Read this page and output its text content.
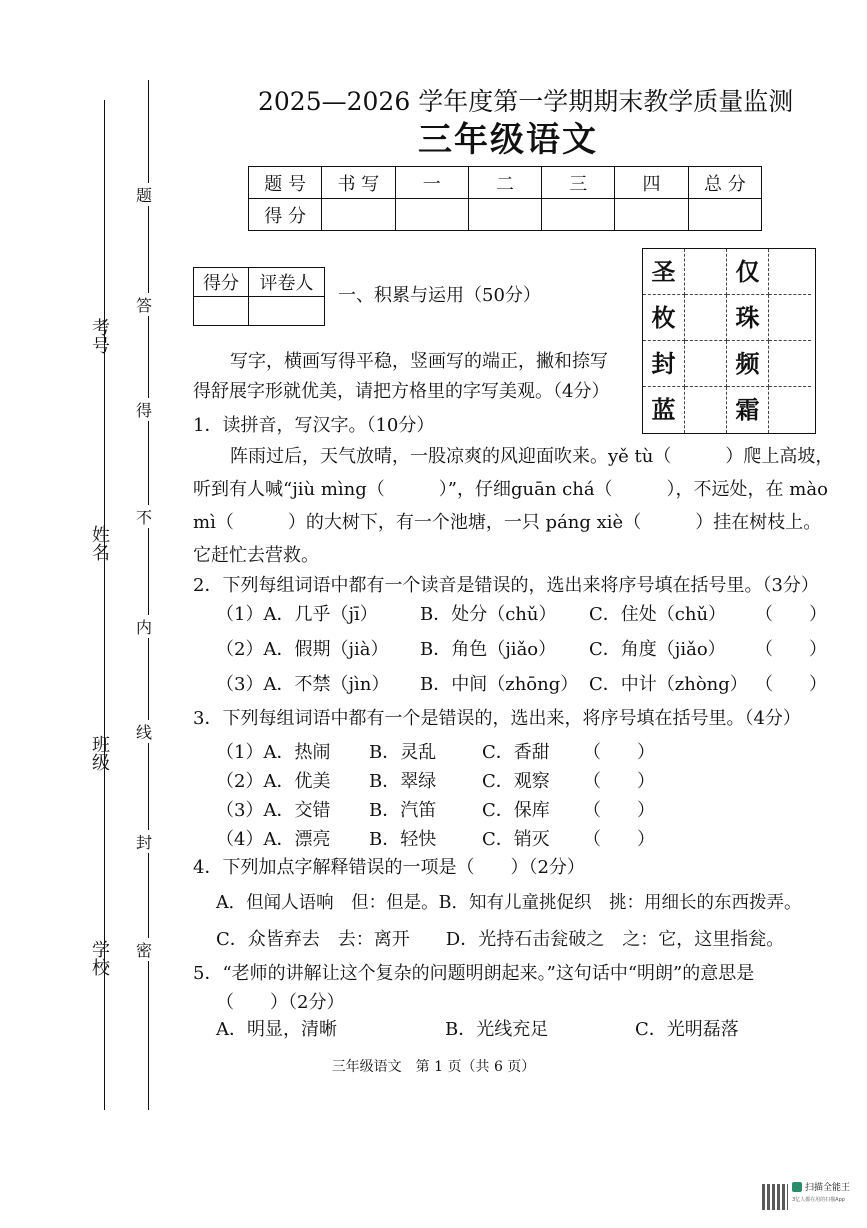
考号
姓名
班级
学校
题
答
得
不
内
线
封
密
2025—2026 学年度第一学期期末教学质量监测
三年级语文
题 号	书 写	一	二	三	四	总 分
得 分						
得分	评卷人

一、积累与运用（50分）
写字，横画写得平稳，竖画写的端正，撇和捺写
得舒展字形就优美，请把方格里的字写美观。（4分）
圣	仅
枚	珠
封	频
蓝	霜
1．读拼音，写汉字。（10分）
阵雨过后，天气放晴，一股凉爽的风迎面吹来。yě tù（　　　）爬上高坡，
听到有人喊“jiù mìng（　　　）”，仔细guān chá（　　　），不远处，在 mào
mì（　　　）的大树下，有一个池塘，一只 páng xiè（　　　）挂在树枝上。
它赶忙去营救。
2．下列每组词语中都有一个读音是错误的，选出来将序号填在括号里。（3分）
（1）A．几乎（jī） B．处分（chǔ） C．住处（chǔ） （　　）
（2）A．假期（jià） B．角色（jiǎo） C．角度（jiǎo） （　　）
（3）A．不禁（jìn） B．中间（zhōng） C．中计（zhòng） （　　）
3．下列每组词语中都有一个是错误的，选出来，将序号填在括号里。（4分）
（1）A．热闹 B．灵乱	C．香甜 （　　）
（2）A．优美 B．翠绿	C．观察 （　　）
（3）A．交错 B．汽笛	C．保库 （　　）
（4）A．漂亮 B．轻快	C．销灭 （　　）
4．下列加点字解释错误的一项是（　　）（2分）
A．但闻人语响　但：但是。B．知有儿童挑促织　挑：用细长的东西拨弄。
C．众皆弃去　去：离开　　D．光持石击瓮破之　之：它，这里指瓮。
5．“老师的讲解让这个复杂的问题明朗起来。”这句话中“明朗”的意思是
（　　）（2分）
A．明显，清晰	B．光线充足	C．光明磊落
三年级语文　第 1 页（共 6 页）
扫描全能王
3亿人都在用的扫描App
